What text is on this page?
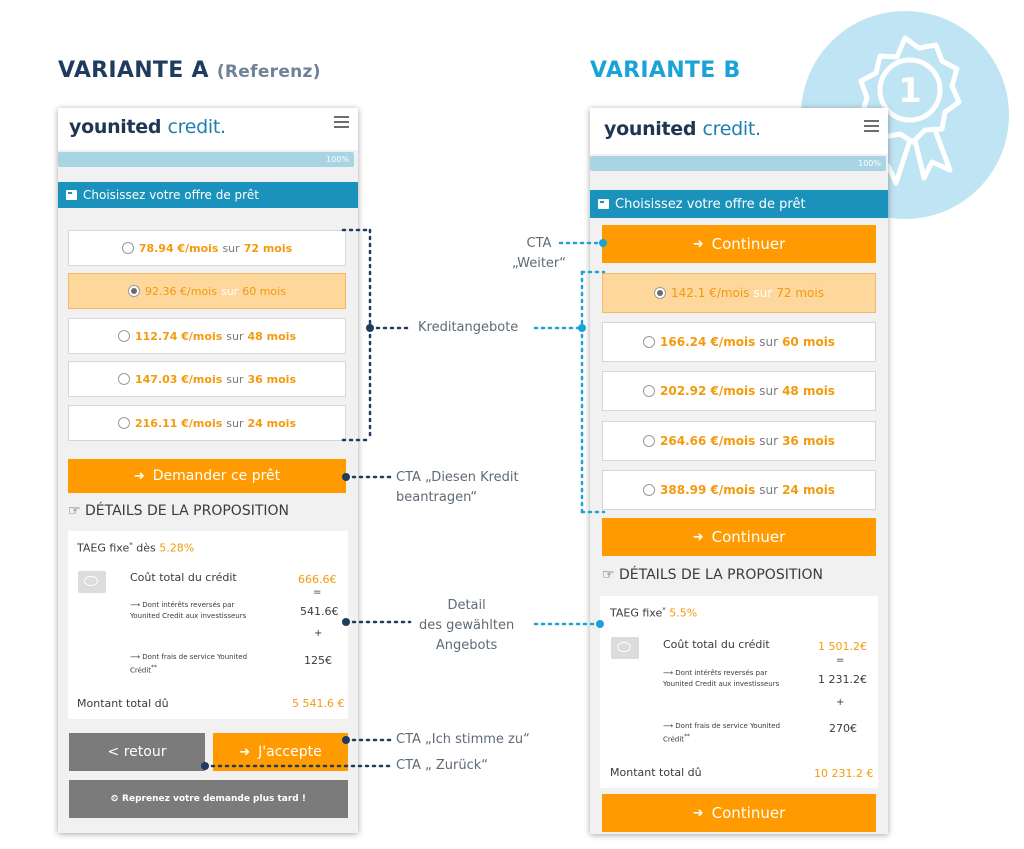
VARIANTE A (Referenz)	VARIANTE B
1
younited credit.
100%
Choisissez votre offre de prêt
78.94 €/mois sur 72 mois
92.36 €/mois sur 60 mois
112.74 €/mois sur 48 mois
147.03 €/mois sur 36 mois
216.11 €/mois sur 24 mois
➜ Demander ce prêt
☞ DÉTAILS DE LA PROPOSITION
TAEG fixe* dès 5.28%
Coût total du crédit	666.6€
=
⟶ Dont intérêts reversés par
Younited Credit aux investisseurs	541.6€
+
⟶ Dont frais de service Younited
Crédit**
125€
Montant total dû	5 541.6 €
< retour	➜ J'accepte
⏲ Reprenez votre demande plus tard !
younited credit.
100%
Choisissez votre offre de prêt
➜ Continuer
142.1 €/mois sur 72 mois
166.24 €/mois sur 60 mois
202.92 €/mois sur 48 mois
264.66 €/mois sur 36 mois
388.99 €/mois sur 24 mois
➜ Continuer
☞ DÉTAILS DE LA PROPOSITION
TAEG fixe* 5.5%
Coût total du crédit	1 501.2€
=
⟶ Dont intérêts reversés par
Younited Credit aux investisseurs	1 231.2€
+
⟶ Dont frais de service Younited
Crédit**
270€
Montant total dû	10 231.2 €
➜ Continuer
CTA
„Weiter“
Kreditangebote
CTA „Diesen Kredit
beantragen“
Detail
des gewählten
Angebots
CTA „Ich stimme zu“
CTA „ Zurück“
